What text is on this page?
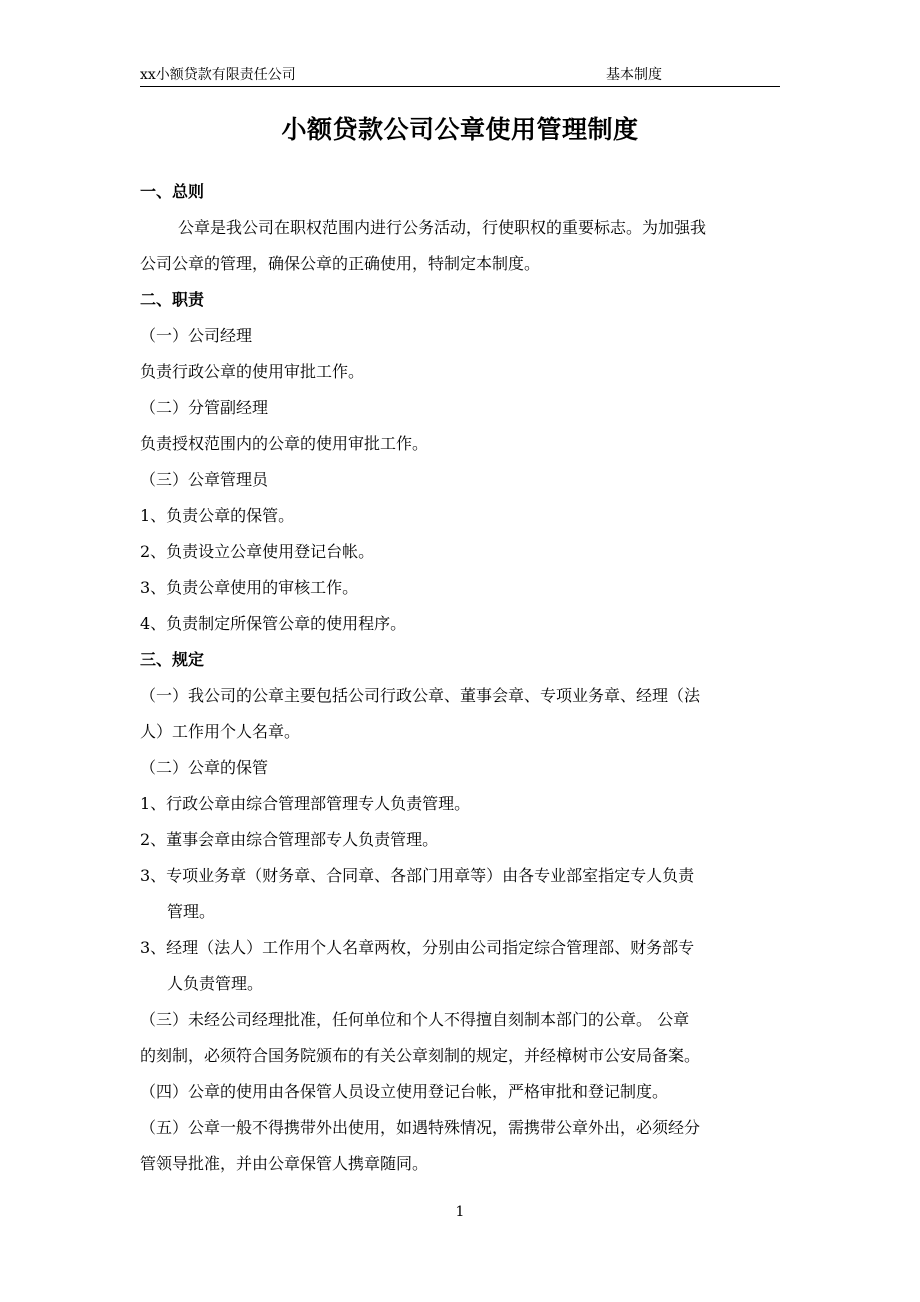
xx小额贷款有限责任公司	基本制度
小额贷款公司公章使用管理制度
一、总则
公章是我公司在职权范围内进行公务活动，行使职权的重要标志。为加强我
公司公章的管理，确保公章的正确使用，特制定本制度。
二、职责
（一）公司经理
负责行政公章的使用审批工作。
（二）分管副经理
负责授权范围内的公章的使用审批工作。
（三）公章管理员
1、负责公章的保管。
2、负责设立公章使用登记台帐。
3、负责公章使用的审核工作。
4、负责制定所保管公章的使用程序。
三、规定
（一）我公司的公章主要包括公司行政公章、董事会章、专项业务章、经理（法
人）工作用个人名章。
（二）公章的保管
1、行政公章由综合管理部管理专人负责管理。
2、董事会章由综合管理部专人负责管理。
3、专项业务章（财务章、合同章、各部门用章等）由各专业部室指定专人负责
管理。
3、经理（法人）工作用个人名章两枚，分别由公司指定综合管理部、财务部专
人负责管理。
（三）未经公司经理批准，任何单位和个人不得擅自刻制本部门的公章。 公章
的刻制，必须符合国务院颁布的有关公章刻制的规定，并经樟树市公安局备案。
（四）公章的使用由各保管人员设立使用登记台帐，严格审批和登记制度。
（五）公章一般不得携带外出使用，如遇特殊情况，需携带公章外出，必须经分
管领导批准，并由公章保管人携章随同。
1
